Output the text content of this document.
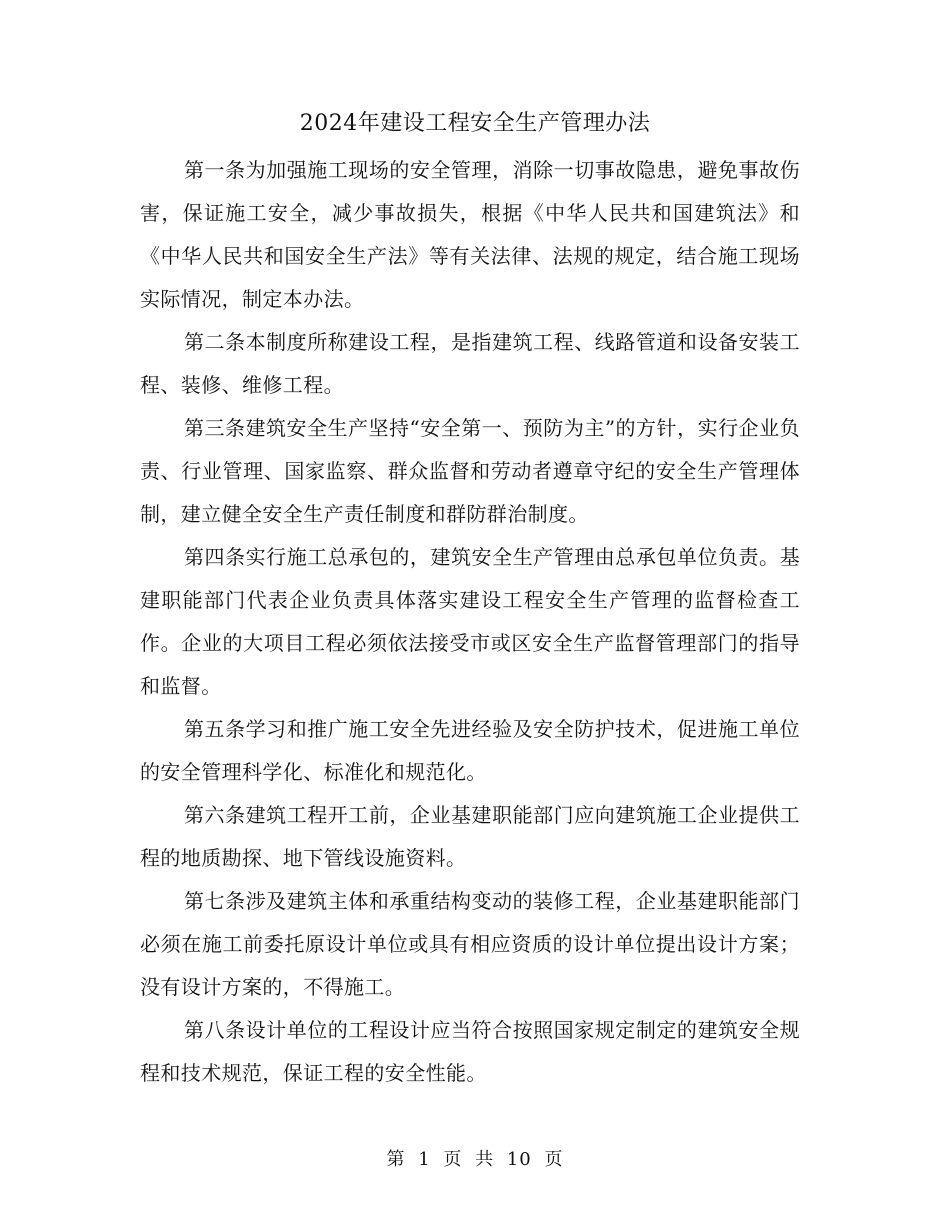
2024年建设工程安全生产管理办法

第一条为加强施工现场的安全管理，消除一切事故隐患，避免事故伤害，保证施工安全，减少事故损失，根据《中华人民共和国建筑法》和《中华人民共和国安全生产法》等有关法律、法规的规定，结合施工现场实际情况，制定本办法。

第二条本制度所称建设工程，是指建筑工程、线路管道和设备安装工程、装修、维修工程。

第三条建筑安全生产坚持“安全第一、预防为主”的方针，实行企业负责、行业管理、国家监察、群众监督和劳动者遵章守纪的安全生产管理体制，建立健全安全生产责任制度和群防群治制度。

第四条实行施工总承包的，建筑安全生产管理由总承包单位负责。基建职能部门代表企业负责具体落实建设工程安全生产管理的监督检查工作。企业的大项目工程必须依法接受市或区安全生产监督管理部门的指导和监督。

第五条学习和推广施工安全先进经验及安全防护技术，促进施工单位的安全管理科学化、标准化和规范化。

第六条建筑工程开工前，企业基建职能部门应向建筑施工企业提供工程的地质勘探、地下管线设施资料。

第七条涉及建筑主体和承重结构变动的装修工程，企业基建职能部门必须在施工前委托原设计单位或具有相应资质的设计单位提出设计方案；没有设计方案的，不得施工。

第八条设计单位的工程设计应当符合按照国家规定制定的建筑安全规程和技术规范，保证工程的安全性能。

第 1 页 共 10 页
